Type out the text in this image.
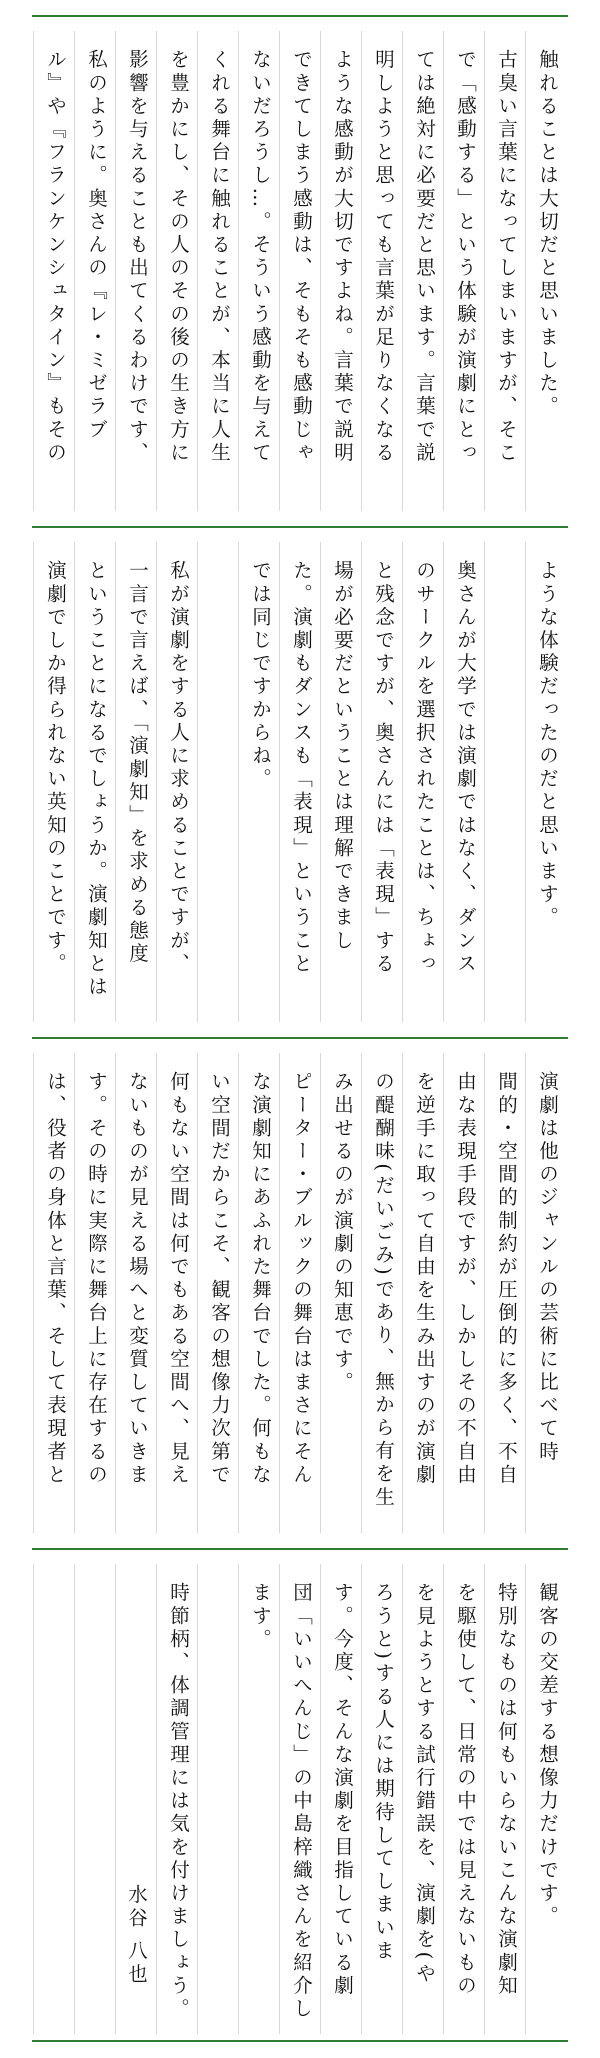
触れることは大切だと思いました。
古臭い言葉になってしまいますが、そこ
で「感動する」という体験が演劇にとっ
ては絶対に必要だと思います。言葉で説
明しようと思っても言葉が足りなくなる
ような感動が大切ですよね。言葉で説明
できてしまう感動は、そもそも感動じゃ
ないだろうし…。そういう感動を与えて
くれる舞台に触れることが、本当に人生
を豊かにし、その人のその後の生き方に
影響を与えることも出てくるわけです、
私のように。奥さんの『レ・ミゼラブ
ル』や『フランケンシュタイン』もその
ような体験だったのだと思います。
奥さんが大学では演劇ではなく、ダンス
のサークルを選択されたことは、ちょっ
と残念ですが、奥さんには「表現」する
場が必要だということは理解できまし
た。演劇もダンスも「表現」ということ
では同じですからね。
私が演劇をする人に求めることですが、
一言で言えば、「演劇知」を求める態度
ということになるでしょうか。演劇知とは
演劇でしか得られない英知のことです。
演劇は他のジャンルの芸術に比べて時
間的・空間的制約が圧倒的に多く、不自
由な表現手段ですが、しかしその不自由
を逆手に取って自由を生み出すのが演劇
の醍醐味(だいごみ)であり、無から有を生
み出せるのが演劇の知恵です。
ピーター・ブルックの舞台はまさにそん
な演劇知にあふれた舞台でした。何もな
い空間だからこそ、観客の想像力次第で
何もない空間は何でもある空間へ、見え
ないものが見える場へと変質していきま
す。その時に実際に舞台上に存在するの
は、役者の身体と言葉、そして表現者と
観客の交差する想像力だけです。
特別なものは何もいらないこんな演劇知
を駆使して、日常の中では見えないもの
を見ようとする試行錯誤を、演劇を(や
ろうと)する人には期待してしまいま
す。今度、そんな演劇を目指している劇
団「いいへんじ」の中島梓織さんを紹介し
ます。
時節柄、体調管理には気を付けましょう。
水谷 八也
